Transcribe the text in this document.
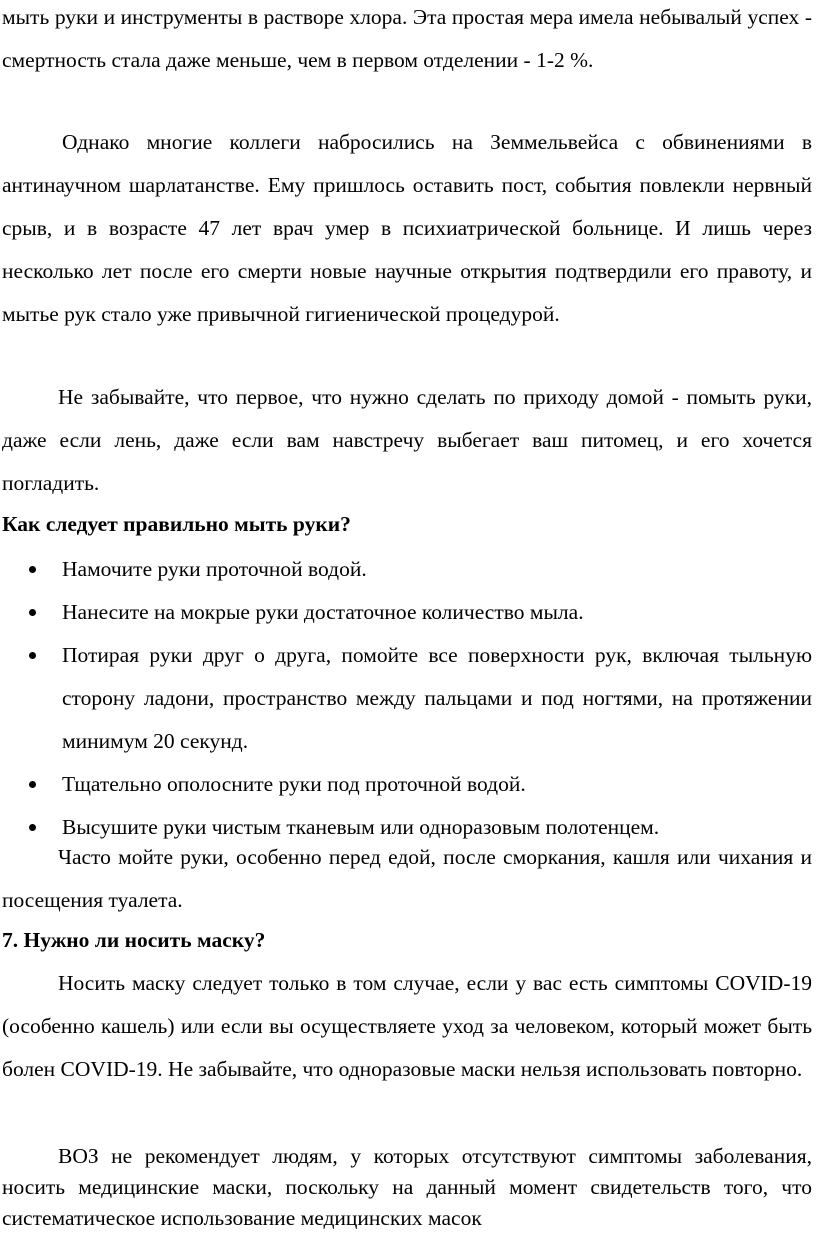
мыть руки и инструменты в растворе хлора. Эта простая мера имела небывалый успех - смертность стала даже меньше, чем в первом отделении - 1-2 %.

Однако многие коллеги набросились на Земмельвейса с обвинениями в антинаучном шарлатанстве. Ему пришлось оставить пост, события повлекли нервный срыв, и в возрасте 47 лет врач умер в психиатрической больнице. И лишь через несколько лет после его смерти новые научные открытия подтвердили его правоту, и мытье рук стало уже привычной гигиенической процедурой.

Не забывайте, что первое, что нужно сделать по приходу домой - помыть руки, даже если лень, даже если вам навстречу выбегает ваш питомец, и его хочется погладить.

Как следует правильно мыть руки?
Намочите руки проточной водой.
Нанесите на мокрые руки достаточное количество мыла.
Потирая руки друг о друга, помойте все поверхности рук, включая тыльную сторону ладони, пространство между пальцами и под ногтями, на протяжении минимум 20 секунд.
Тщательно ополосните руки под проточной водой.
Высушите руки чистым тканевым или одноразовым полотенцем.

Часто мойте руки, особенно перед едой, после сморкания, кашля или чихания и посещения туалета.

7. Нужно ли носить маску?

Носить маску следует только в том случае, если у вас есть симптомы COVID-19 (особенно кашель) или если вы осуществляете уход за человеком, который может быть болен COVID-19. Не забывайте, что одноразовые маски нельзя использовать повторно.

ВОЗ не рекомендует людям, у которых отсутствуют симптомы заболевания, носить медицинские маски, поскольку на данный момент свидетельств того, что систематическое использование медицинских масок
